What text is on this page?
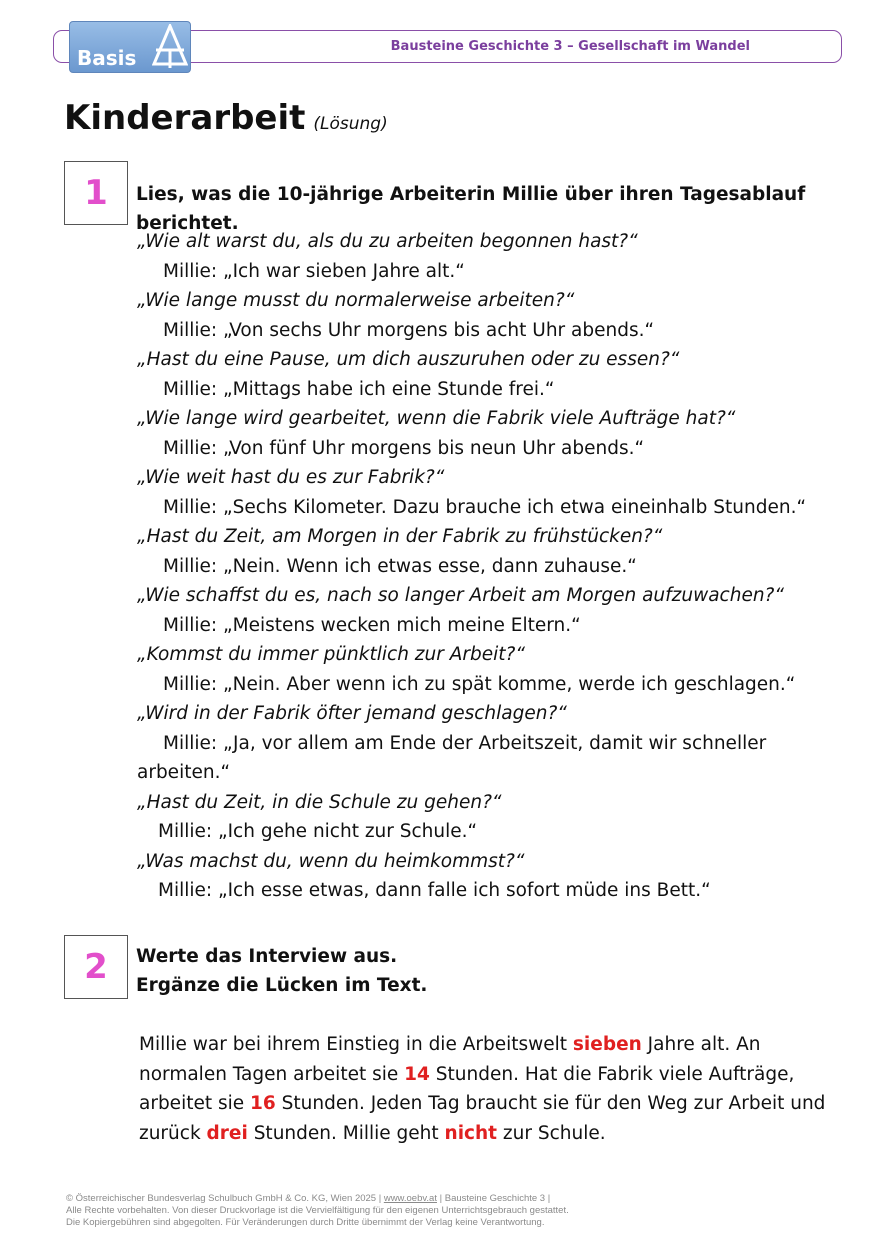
Basis	Bausteine Geschichte 3 – Gesellschaft im Wandel
Kinderarbeit (Lösung)
1	Lies, was die 10-jährige Arbeiterin Millie über ihren Tagesablauf berichtet.
„Wie alt warst du, als du zu arbeiten begonnen hast?“
Millie: „Ich war sieben Jahre alt.“
„Wie lange musst du normalerweise arbeiten?“
Millie: „Von sechs Uhr morgens bis acht Uhr abends.“
„Hast du eine Pause, um dich auszuruhen oder zu essen?“
Millie: „Mittags habe ich eine Stunde frei.“
„Wie lange wird gearbeitet, wenn die Fabrik viele Aufträge hat?“
Millie: „Von fünf Uhr morgens bis neun Uhr abends.“
„Wie weit hast du es zur Fabrik?“
Millie: „Sechs Kilometer. Dazu brauche ich etwa eineinhalb Stunden.“
„Hast du Zeit, am Morgen in der Fabrik zu frühstücken?“
Millie: „Nein. Wenn ich etwas esse, dann zuhause.“
„Wie schaffst du es, nach so langer Arbeit am Morgen aufzuwachen?“
Millie: „Meistens wecken mich meine Eltern.“
„Kommst du immer pünktlich zur Arbeit?“
Millie: „Nein. Aber wenn ich zu spät komme, werde ich geschlagen.“
„Wird in der Fabrik öfter jemand geschlagen?“
Millie: „Ja, vor allem am Ende der Arbeitszeit, damit wir schneller
arbeiten.“
„Hast du Zeit, in die Schule zu gehen?“
Millie: „Ich gehe nicht zur Schule.“
„Was machst du, wenn du heimkommst?“
Millie: „Ich esse etwas, dann falle ich sofort müde ins Bett.“
2	Werte das Interview aus.
Ergänze die Lücken im Text.
Millie war bei ihrem Einstieg in die Arbeitswelt sieben Jahre alt. An normalen Tagen arbeitet sie 14 Stunden. Hat die Fabrik viele Aufträge, arbeitet sie 16 Stunden. Jeden Tag braucht sie für den Weg zur Arbeit und zurück drei Stunden. Millie geht nicht zur Schule.
© Österreichischer Bundesverlag Schulbuch GmbH & Co. KG, Wien 2025 | www.oebv.at | Bausteine Geschichte 3 |
Alle Rechte vorbehalten. Von dieser Druckvorlage ist die Vervielfältigung für den eigenen Unterrichtsgebrauch gestattet.
Die Kopiergebühren sind abgegolten. Für Veränderungen durch Dritte übernimmt der Verlag keine Verantwortung.
